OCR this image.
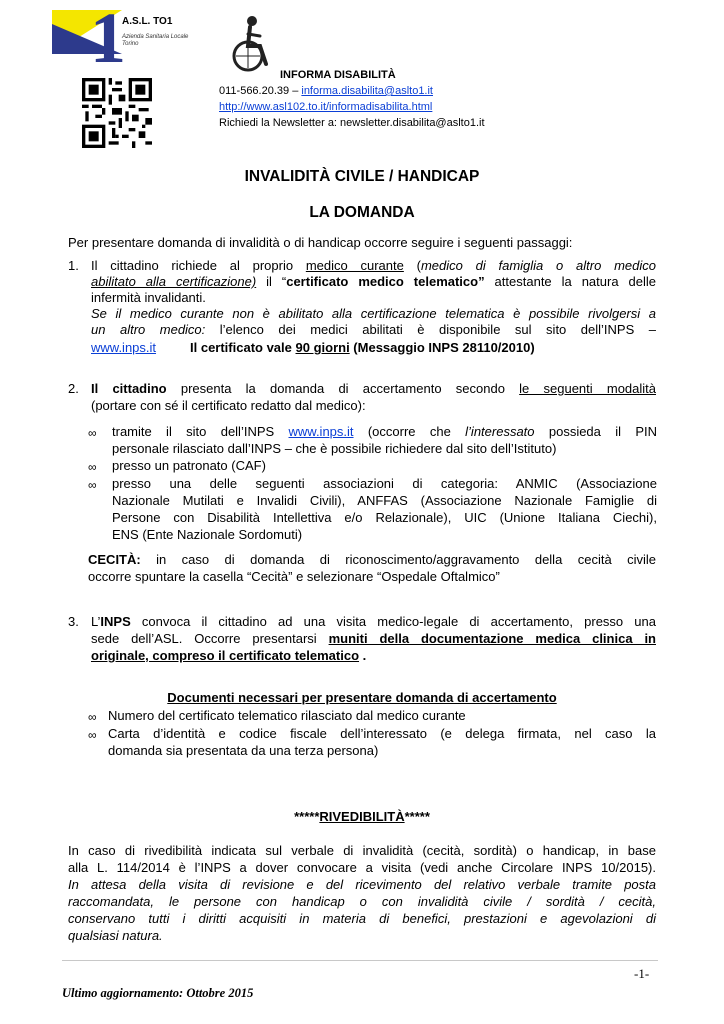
1
A.S.L. TO1
Azienda Sanitaria Locale Torino
INFORMA DISABILITÀ
011-566.20.39 – informa.disabilita@aslto1.it
http://www.asl102.to.it/informadisabilita.html
Richiedi la Newsletter a: newsletter.disabilita@aslto1.it
INVALIDITÀ CIVILE / HANDICAP
LA DOMANDA
Per presentare domanda di invalidità o di handicap occorre seguire i seguenti passaggi:
1. Il cittadino richiede al proprio medico curante (medico di famiglia o altro medico
abilitato alla certificazione) il “certificato medico telematico” attestante la natura delle
infermità invalidanti.
Se il medico curante non è abilitato alla certificazione telematica è possibile rivolgersi a
un altro medico: l’elenco dei medici abilitati è disponibile sul sito dell’INPS –
www.inps.it	Il certificato vale 90 giorni (Messaggio INPS 28110/2010)
2. Il cittadino presenta la domanda di accertamento secondo le seguenti modalità
(portare con sé il certificato redatto dal medico):
∞ tramite il sito dell’INPS www.inps.it (occorre che l’interessato possieda il PIN
personale rilasciato dall’INPS – che è possibile richiedere dal sito dell’Istituto)
∞ presso un patronato (CAF)
∞ presso una delle seguenti associazioni di categoria: ANMIC (Associazione
Nazionale Mutilati e Invalidi Civili), ANFFAS (Associazione Nazionale Famiglie di
Persone con Disabilità Intellettiva e/o Relazionale), UIC (Unione Italiana Ciechi),
ENS (Ente Nazionale Sordomuti)
CECITÀ: in caso di domanda di riconoscimento/aggravamento della cecità civile
occorre spuntare la casella “Cecità” e selezionare “Ospedale Oftalmico”
3. L’INPS convoca il cittadino ad una visita medico-legale di accertamento, presso una
sede dell’ASL. Occorre presentarsi muniti della documentazione medica clinica in
originale, compreso il certificato telematico .
Documenti necessari per presentare domanda di accertamento
∞ Numero del certificato telematico rilasciato dal medico curante
∞ Carta d’identità e codice fiscale dell’interessato (e delega firmata, nel caso la
domanda sia presentata da una terza persona)
*****RIVEDIBILITÀ*****
In caso di rivedibilità indicata sul verbale di invalidità (cecità, sordità) o handicap, in base
alla L. 114/2014 è l’INPS a dover convocare a visita (vedi anche Circolare INPS 10/2015).
In attesa della visita di revisione e del ricevimento del relativo verbale tramite posta
raccomandata, le persone con handicap o con invalidità civile / sordità / cecità,
conservano tutti i diritti acquisiti in materia di benefici, prestazioni e agevolazioni di
qualsiasi natura.
-1-
Ultimo aggiornamento: Ottobre 2015
